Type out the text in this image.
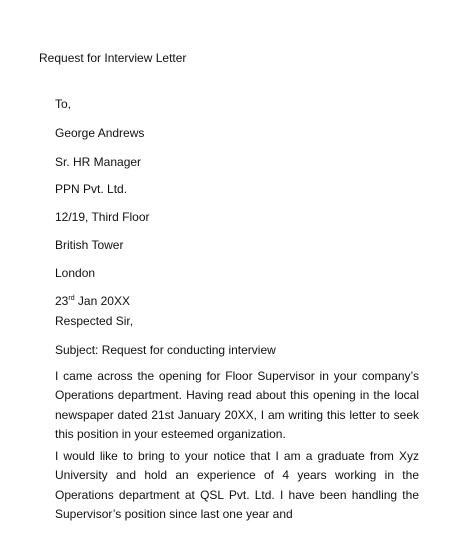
Request for Interview Letter
To,
George Andrews
Sr. HR Manager
PPN Pvt. Ltd.
12/19, Third Floor
British Tower
London
23rd Jan 20XX
Respected Sir,
Subject: Request for conducting interview
I came across the opening for Floor Supervisor in your company’s Operations department. Having read about this opening in the local newspaper dated 21st January 20XX, I am writing this letter to seek this position in your esteemed organization.
I would like to bring to your notice that I am a graduate from Xyz University and hold an experience of 4 years working in the Operations department at QSL Pvt. Ltd. I have been handling the Supervisor’s position since last one year and
